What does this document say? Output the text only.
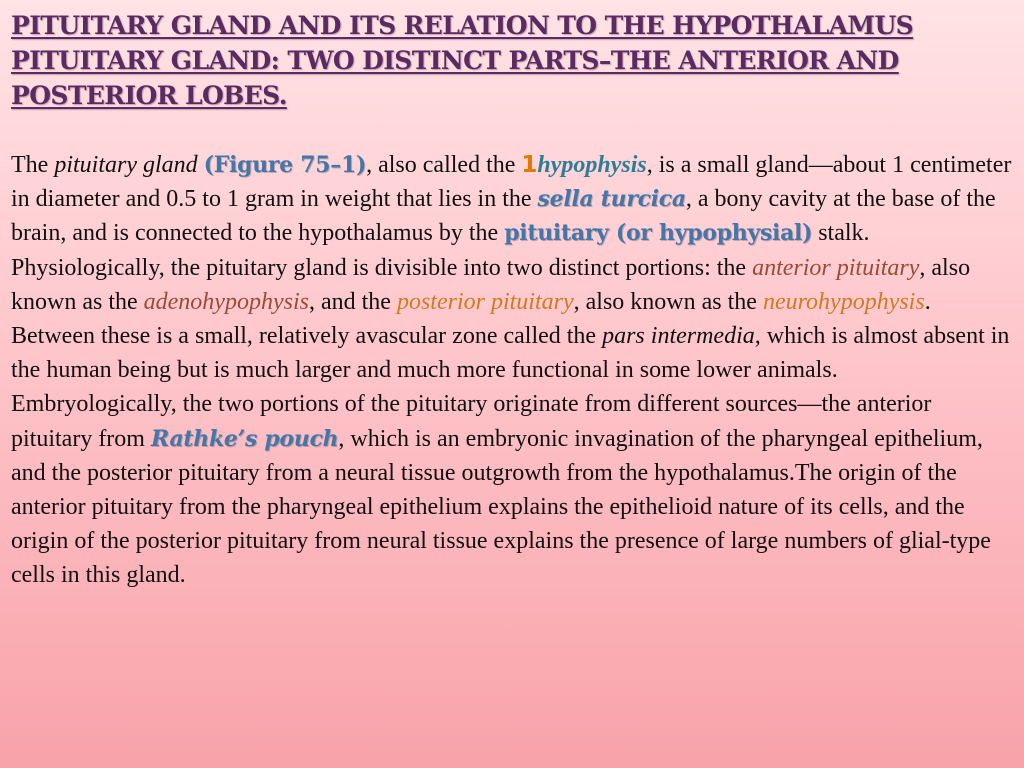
PITUITARY GLAND AND ITS RELATION TO THE HYPOTHALAMUS
PITUITARY GLAND: TWO DISTINCT PARTS–THE ANTERIOR AND
POSTERIOR LOBES.

The pituitary gland (Figure 75–1), also called the 1hypophysis, is a small gland—about 1 centimeter in diameter and 0.5 to 1 gram in weight that lies in the sella turcica, a bony cavity at the base of the brain, and is connected to the hypothalamus by the pituitary (or hypophysial) stalk. Physiologically, the pituitary gland is divisible into two distinct portions: the anterior pituitary, also known as the adenohypophysis, and the posterior pituitary, also known as the neurohypophysis. Between these is a small, relatively avascular zone called the pars intermedia, which is almost absent in the human being but is much larger and much more functional in some lower animals.

Embryologically, the two portions of the pituitary originate from different sources—the anterior pituitary from Rathke’s pouch, which is an embryonic invagination of the pharyngeal epithelium, and the posterior pituitary from a neural tissue outgrowth from the hypothalamus.The origin of the anterior pituitary from the pharyngeal epithelium explains the epithelioid nature of its cells, and the origin of the posterior pituitary from neural tissue explains the presence of large numbers of glial-type cells in this gland.
